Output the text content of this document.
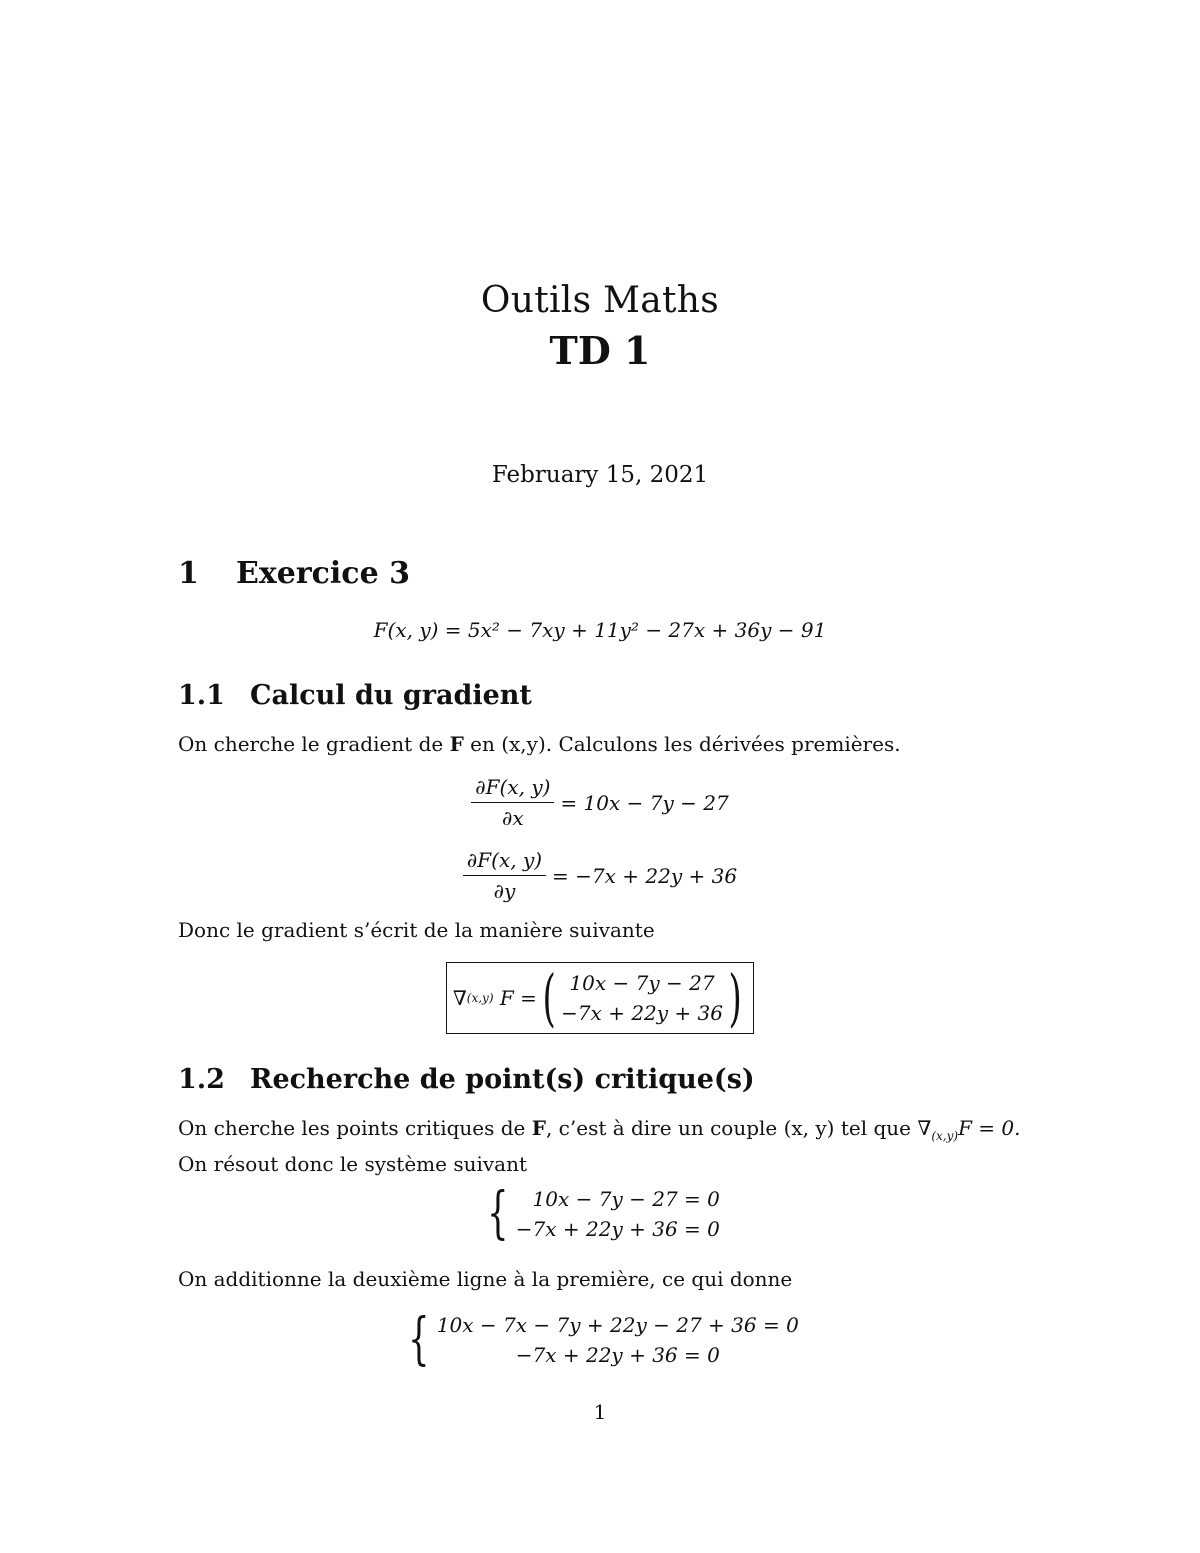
Outils Maths
TD 1
February 15, 2021
1 Exercice 3
F(x, y) = 5x² − 7xy + 11y² − 27x + 36y − 91
1.1 Calcul du gradient
On cherche le gradient de F en (x,y). Calculons les dérivées premières.
$\frac{\partial F(x, y)}{\partial x} = 10x - 7y - 27$
$\frac{\partial F(x, y)}{\partial y} = -7x + 22y + 36$
Donc le gradient s’écrit de la manière suivante
∇ (x,y)
F = ( 10x − 7y − 27
−7x + 22y + 36 )
1.2 Recherche de point(s) critique(s)
On cherche les points critiques de F, c’est à dire un couple (x, y) tel que $\nabla_{(x,y)}F = 0$.
On résout donc le système suivant
{ 10x − 7y − 27 = 0
−7x + 22y + 36 = 0
On additionne la deuxième ligne à la première, ce qui donne
{ 10x − 7x − 7y + 22y − 27 + 36 = 0
−7x + 22y + 36 = 0
1
